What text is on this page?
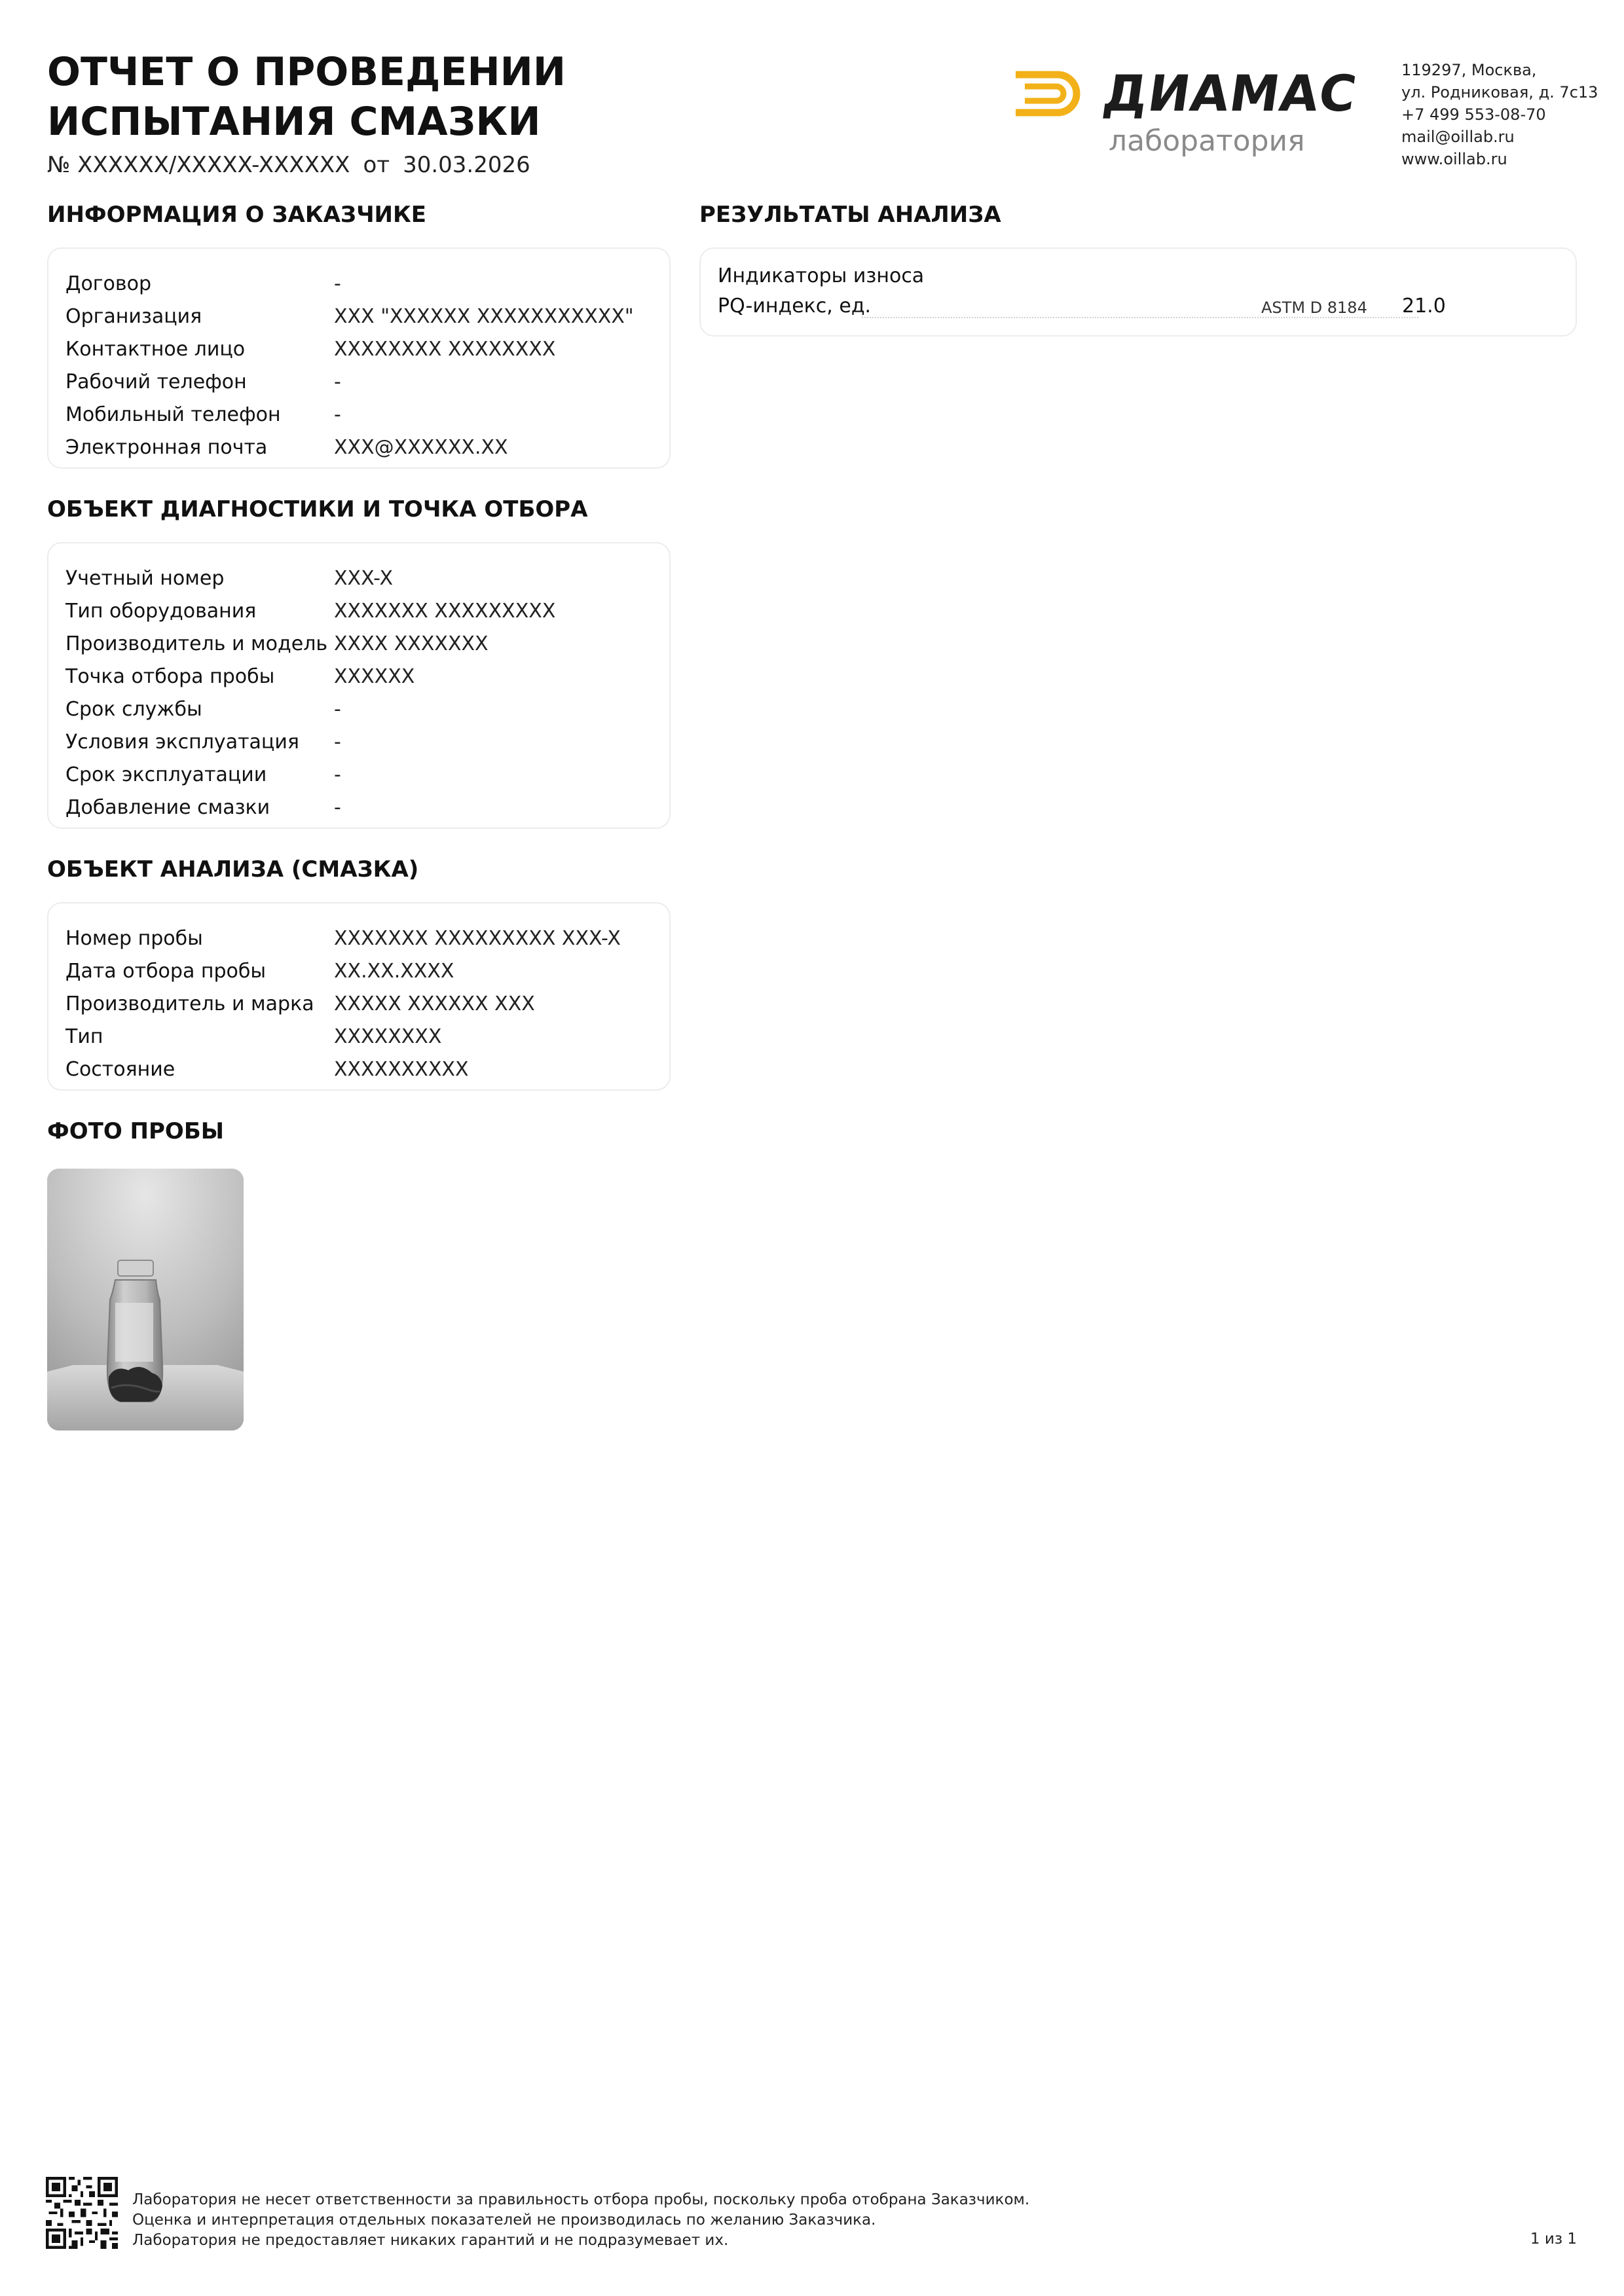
ОТЧЕТ О ПРОВЕДЕНИИ
ИСПЫТАНИЯ СМАЗКИ
№ XXXXXX/XXXXX-XXXXXX от 30.03.2026
ДИАМАС
лаборатория
119297, Москва,
ул. Родниковая, д. 7с13
+7 499 553-08-70
mail@oillab.ru
www.oillab.ru
ИНФОРМАЦИЯ О ЗАКАЗЧИКЕ
Договор	-
Организация	XXX "XXXXXX XXXXXXXXXXX"
Контактное лицо	XXXXXXXX XXXXXXXX
Рабочий телефон	-
Мобильный телефон	-
Электронная почта	XXX@XXXXXX.XX
ОБЪЕКТ ДИАГНОСТИКИ И ТОЧКА ОТБОРА
Учетный номер	XXX-X
Тип оборудования	XXXXXXX XXXXXXXXX
Производитель и модель XXXX XXXXXXX
Точка отбора пробы	XXXXXX
Срок службы	-
Условия эксплуатация	-
Срок эксплуатации	-
Добавление смазки	-
ОБЪЕКТ АНАЛИЗА (СМАЗКА)
Номер пробы	XXXXXXX XXXXXXXXX XXX-X
Дата отбора пробы	XX.XX.XXXX
Производитель и марка	XXXXX XXXXXX XXX
Тип	XXXXXXXX
Состояние	XXXXXXXXXX
ФОТО ПРОБЫ
РЕЗУЛЬТАТЫ АНАЛИЗА
Индикаторы износа
PQ-индекс, ед.	ASTM D 8184 21.0
Лаборатория не несет ответственности за правильность отбора пробы, поскольку проба отобрана Заказчиком.
Оценка и интерпретация отдельных показателей не производилась по желанию Заказчика.
Лаборатория не предоставляет никаких гарантий и не подразумевает их.	1 из 1
